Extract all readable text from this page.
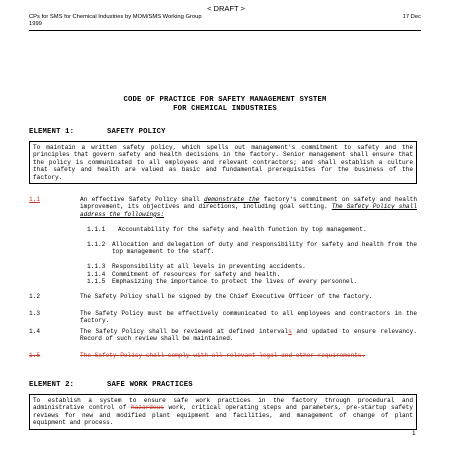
< DRAFT >
CPs for SMS for Chemical Industries by MOM/SMS Working Group
1999
17 Dec
CODE OF PRACTICE FOR SAFETY MANAGEMENT SYSTEM
FOR CHEMICAL INDUSTRIES
ELEMENT 1:	SAFETY POLICY
To maintain a written safety policy, which spells out management's commitment to safety and the principles that govern safety and health decisions in the factory. Senior management shall ensure that the policy is communicated to all employees and relevant contractors; and shall establish a culture that safety and health are valued as basic and fundamental prerequisites for the business of the factory.
1.1	An effective Safety Policy shall demonstrate the factory's commitment on safety and health improvement, its objectives and directions, including goal setting. The Safety Policy shall address the followings:
1.1.1 Accountability for the safety and health function by top management.
1.1.2 Allocation and delegation of duty and responsibility for safety and health from the top management to the staff.
1.1.3 Responsibility at all levels in preventing accidents.
1.1.4 Commitment of resources for safety and health.
1.1.5 Emphasizing the importance to protect the lives of every personnel.
1.2	The Safety Policy shall be signed by the Chief Executive Officer of the factory.
1.3	The Safety Policy must be effectively communicated to all employees and contractors in the factory.
1.4	The Safety Policy shall be reviewed at defined intervals and updated to ensure relevancy. Record of such review shall be maintained.
1.5	The Safety Policy shall comply with all relevant legal and other requirements.
ELEMENT 2:	SAFE WORK PRACTICES
To establish a system to ensure safe work practices in the factory through procedural and administrative control of hazardous work, critical operating steps and parameters, pre-startup safety reviews for new and modified plant equipment and facilities, and management of change of plant equipment and process.
1
